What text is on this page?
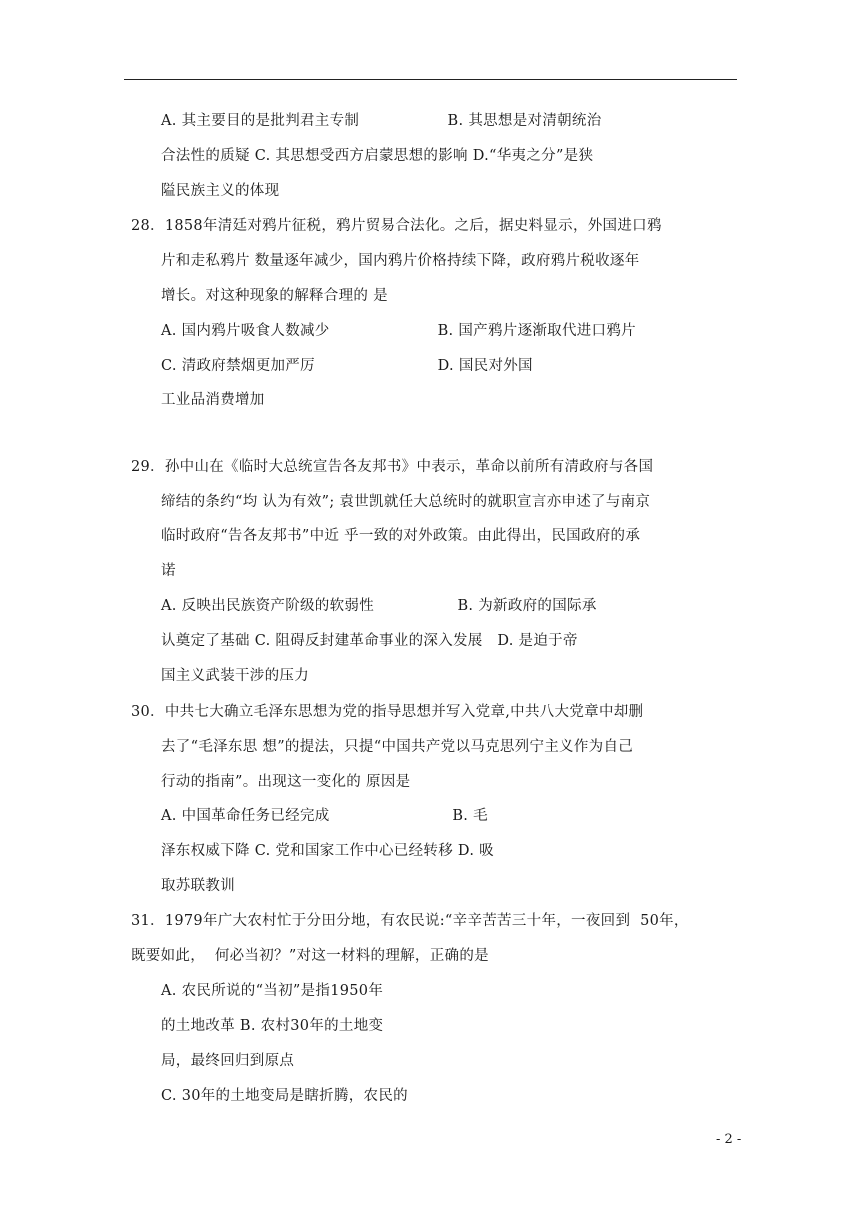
A. 其主要目的是批判君主专制                  B. 其思想是对清朝统治
合法性的质疑 C. 其思想受西方启蒙思想的影响 D.“华夷之分”是狭
隘民族主义的体现
28．1858年清廷对鸦片征税，鸦片贸易合法化。之后，据史料显示，外国进口鸦
片和走私鸦片 数量逐年减少，国内鸦片价格持续下降，政府鸦片税收逐年
增长。对这种现象的解释合理的 是
A. 国内鸦片吸食人数减少                      B. 国产鸦片逐渐取代进口鸦片
C. 清政府禁烟更加严厉                         D. 国民对外国
工业品消费增加
29．孙中山在《临时大总统宣告各友邦书》中表示，革命以前所有清政府与各国
缔结的条约“均 认为有效”; 袁世凯就任大总统时的就职宣言亦申述了与南京
临时政府“告各友邦书”中近 乎一致的对外政策。由此得出，民国政府的承
诺
A. 反映出民族资产阶级的软弱性                 B. 为新政府的国际承
认奠定了基础 C. 阻碍反封建革命事业的深入发展   D. 是迫于帝
国主义武装干涉的压力
30．中共七大确立毛泽东思想为党的指导思想并写入党章,中共八大党章中却删
去了“毛泽东思 想”的提法，只提“中国共产党以马克思列宁主义作为自己
行动的指南”。出现这一变化的 原因是
A. 中国革命任务已经完成                         B. 毛
泽东权威下降 C. 党和国家工作中心已经转移 D. 吸
取苏联教训
31．1979年广大农村忙于分田分地，有农民说:“辛辛苦苦三十年，一夜回到  50年，
既要如此，  何必当初？”对这一材料的理解，正确的是
A. 农民所说的“当初”是指1950年
的土地改革 B. 农村30年的土地变
局，最终回归到原点
C. 30年的土地变局是瞎折腾，农民的
- 2 -
